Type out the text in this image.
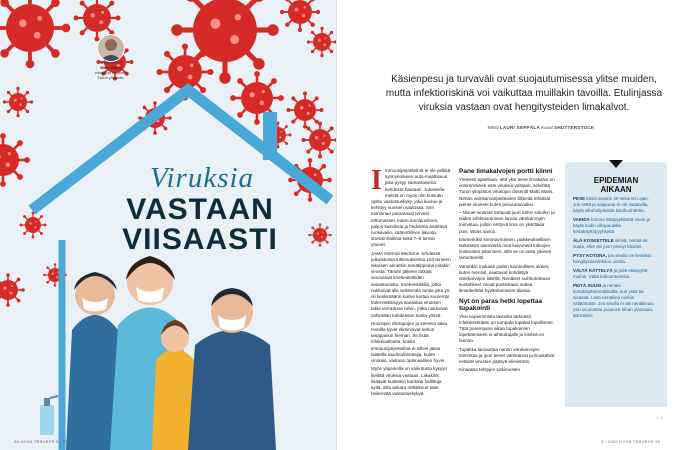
Asiantuntija
Matti Waris
virusopin dosentti,
Turun yliopisto.
Viruksia
VASTAAN
VIISAASTI
38 HYVÄ TERVEYS 5 / 2020
Käsienpesu ja turvaväli ovat suojautumisessa ylitse muiden, mutta infektioriskinä voi vaikuttaa muillakin tavoilla. Etulinjassa viruksia vastaan ovat hengitysteiden limakalvot.
Teksti LAURI SEPPÄLÄ Kuvat SHUTTERSTOCK

Immuunijärjestelmä ei ole pelkkä synnynnäinen auto-maattisuus, joka pysyy samanlaisena kehdosta hautaan. Jokaisella meistä on myös niin kutsuttu opittu vastustuskyky, joka kuuluu ja kehittyy vuosien saatossa. Sen toiminnan parantavat terveet tottumukset, kuten monipuolinen, paljon kasviksia ja hedelmiä sisältävä ruokavalio, säännöllinen liikunta, stressinhallinta sekä 7–9 tunnin yöunet.

JAMA Internal Medicine -lehdessä julkaistussa tutkimuksessa 153 terveen aikuisen annettiin nenätippoina joitakin virusta. Tämän jälkeen tutkijat seurasivat koehenkilöiden sairastumista. Koehenkilöillä, jotka nukkuivat alle seitsemän tuntia joka yö, oli keskimäärin kolme kertaa suurempi todennäköisyys sairastua viruksen takia verrattuna niihin, jotka nukkuivat vähintään kahdeksan tuntia yössä.

Huonojen elintapojen ja stressin takia monilla kyvet eliminoivat kehon tasapainon hieman. Se lisää infektioalttiutta, koska immuunijärjestelmä ei silloin jaksa taistella taudinaiheuttajia, kuten viruksia, vastaan optimaalisen hyvin.

Myös ylipainolla on vaikutusta kykyyn kieltää viruksia vastaan. Liikakilot lisäävät kuitenkin karistaa hallittuja syitä, sillä ankara nälkäkuuri taas heikentää vastustuskykyä.

Pane limakalvojen portti kiinni

Yleisesti ajatellaan, että yksi terve limakalvo on ensimmäinen este viruksia vastaan, selvittää Turun yliopiston virusopin dosentti Matti Waris. Nenän vamkarvanpeitteiden liikkeitä tehtävät pienet virukset kuten pesuuntovuiksi.

– Monet virukset tarttuvat juuri nähin soluihin ja niiden infektoituminen lamaa värekarvojen toimintaa, jolloin erittyvä lima on yksittäisä pois, Waris sanoo.

Esimerkiksi koronaviruksen, poikkeuksellisen tärkeässä asemassa ovat kuivuneet kalvojen kosteuden pitäminen, sillä se on sekä yleinen tartuntareitti.

Varsinkin mukaan joiden luonnollisen aineet, kuten mentoli, saattavat kohdistyä värekarvojen liikettä. Nenäiset suihkutettavat sunlahkeet voivat puolestaan auttaa ilmankeittää hyvänkanavien tilansa.

Nyt on paras hetki lopettaa tupakointi

Yksi nopeimmista tavoista tärkeästi infektioriskiään on tumpata tupakat lopullisesti. Tätä parempana aikaa tupakoinnin lopettamiseen ei aiheuttajalle ja kiinteä on hienoa.

Tupakka lamauttaa nenän värekarvojen toimintaa ja juuri tervet värekarvat ja limakalvot estävät virusten pääsyä elimistöön.

Kinaassa tehtyjen tutkimusten

EPIDEMIAN
AIKAAN

PESE käsiä ainakin 20 sekunnin ajan. Jos vettä ja saippuaa ei ole saatavilla, käytä alkoholipitoista käsihuuhdetta.

VAIHDA kotona käsipyyhkettä usein ja käytä kodin ulkopuolella kertakäyttöpyyhkeitä.

ÄLÄ KOSKETTELE silmiä, nenää tai suuta, ellet ole juuri pessyt käsiäsi.

PYSY KOTONA, jos sinulla on lieviäkin hengitystieinfektion oireita.

VÄLTÄ KÄTTELYÄ ja pidä etäisyyttä muihin. Vältä kokoontumisia.

PEITÄ SUUSI ja nenäsi kertakäyttönenäliinalla, kun yskit tai aivastat. Laita nenäliina roskiin välittömästi. Jos sinulla ei ole nenäliinaa, yski tai aivasta puserosi hihan yläosaan, älä käsiisi.

L.S.
5 / 2020 HYVÄ TERVEYS 39
